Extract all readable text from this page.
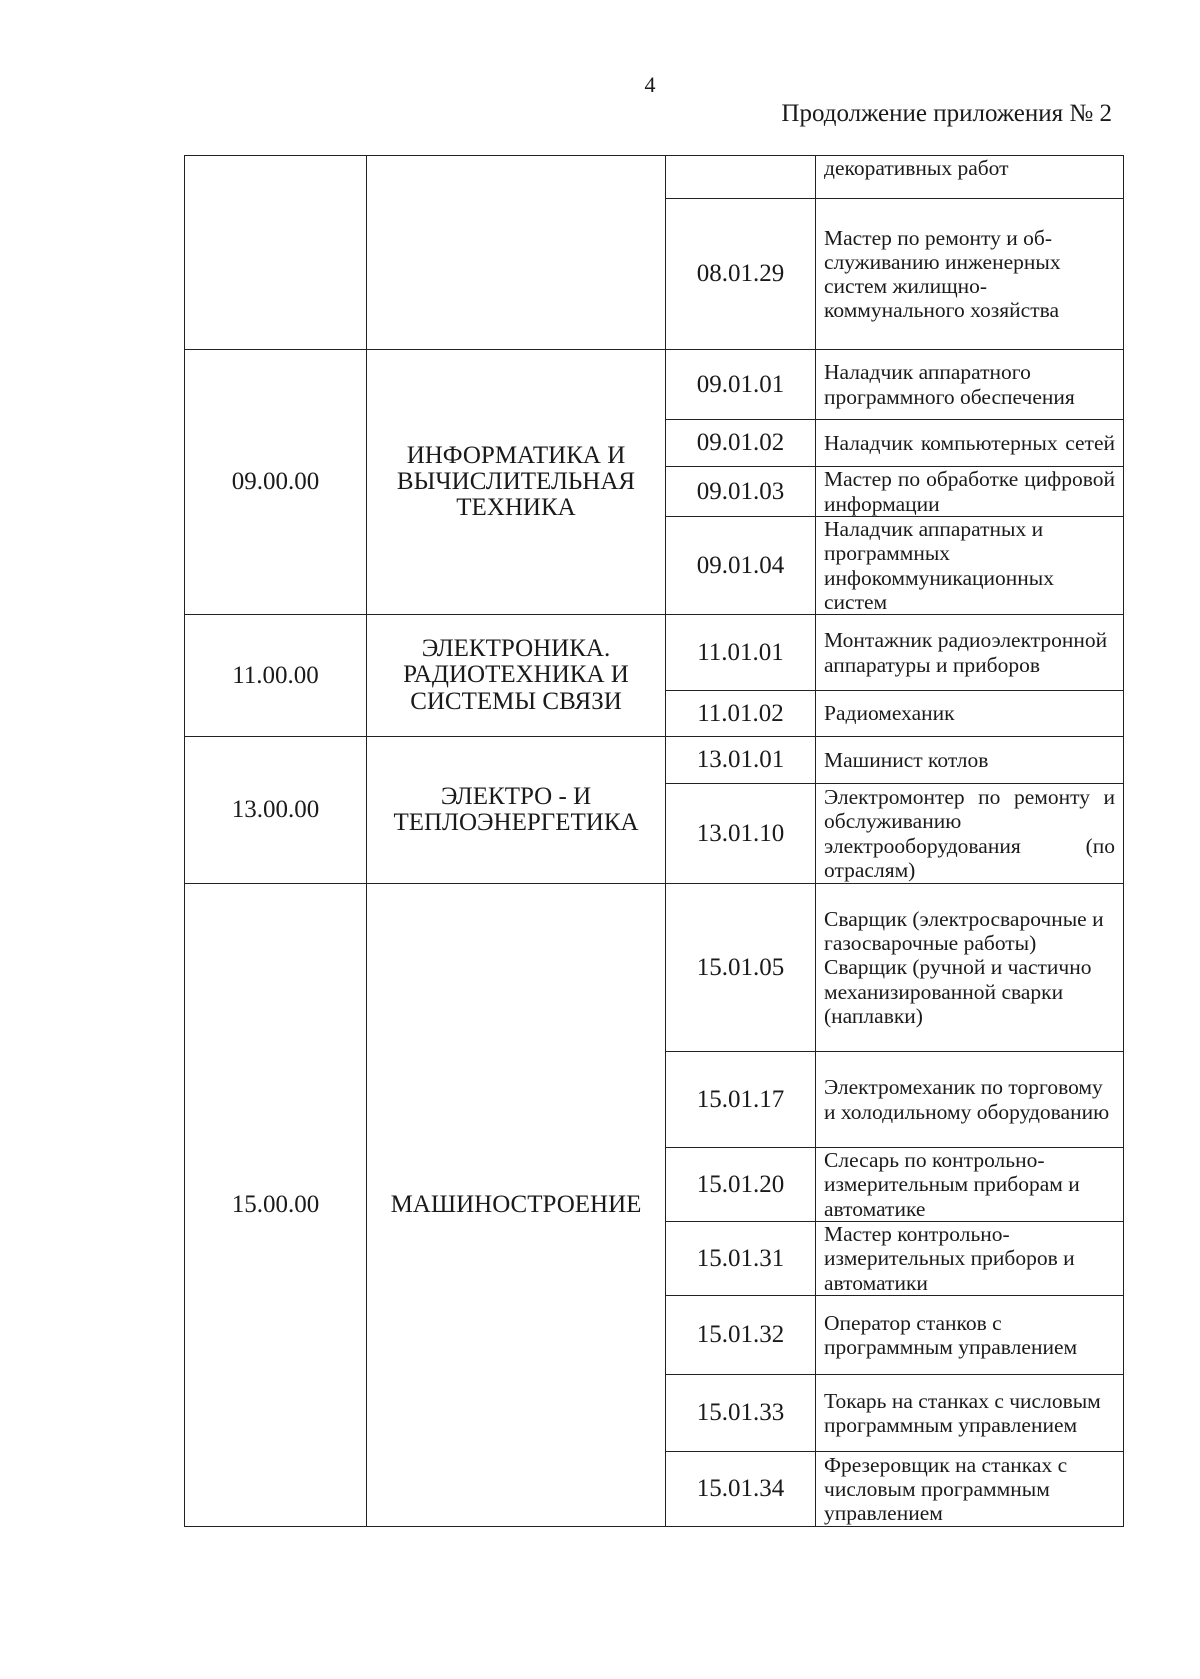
4
Продолжение приложения № 2
			декоративных работ
		08.01.29	Мастер по ремонту и об-служиванию инженерных систем жилищно-коммунального хозяйства
09.00.00	ИНФОРМАТИКА И ВЫЧИСЛИТЕЛЬНАЯ ТЕХНИКА	09.01.01	Наладчик аппаратного программного обеспечения
		09.01.02	Наладчик компьютерных сетей
		09.01.03	Мастер по обработке цифровой информации
		09.01.04	Наладчик аппаратных и программных инфокоммуникационных систем
11.00.00	ЭЛЕКТРОНИКА. РАДИОТЕХНИКА И СИСТЕМЫ СВЯЗИ	11.01.01	Монтажник радиоэлектронной аппаратуры и приборов
		11.01.02	Радиомеханик
13.00.00	ЭЛЕКТРО - И ТЕПЛОЭНЕРГЕТИКА	13.01.01	Машинист котлов
		13.01.10	Электромонтер по ремонту и обслуживанию электрооборудования (по отраслям)
15.00.00	МАШИНОСТРОЕНИЕ	15.01.05	Сварщик (электросварочные и газосварочные работы) Сварщик (ручной и частично механизированной сварки (наплавки)
		15.01.17	Электромеханик по торговому и холодильному оборудованию
		15.01.20	Слесарь по контрольно-измерительным приборам и автоматике
		15.01.31	Мастер контрольно-измерительных приборов и автоматики
		15.01.32	Оператор станков с программным управлением
		15.01.33	Токарь на станках с числовым программным управлением
		15.01.34	Фрезеровщик на станках с числовым программным управлением
